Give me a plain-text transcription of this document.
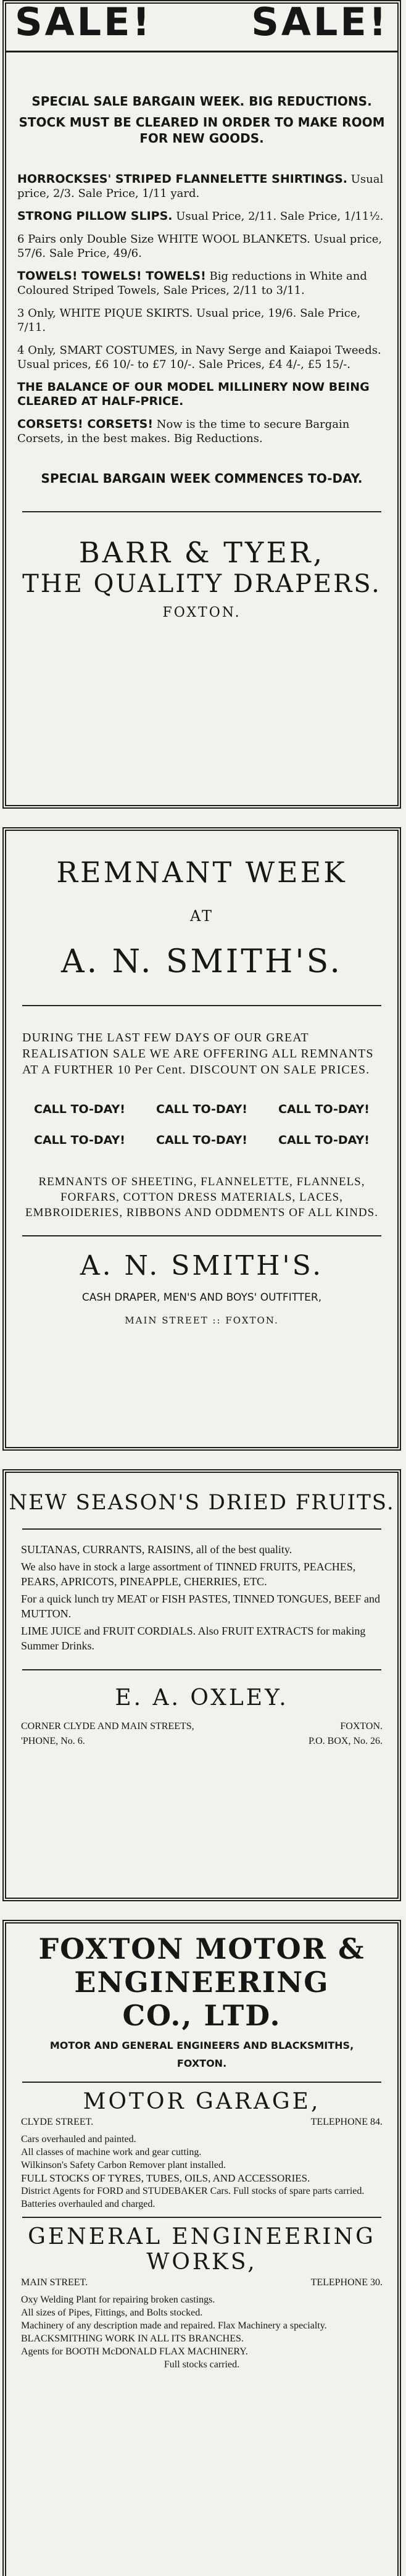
SALE!	SALE!

SPECIAL SALE BARGAIN WEEK. BIG REDUCTIONS.

STOCK MUST BE CLEARED IN ORDER TO MAKE ROOM FOR NEW GOODS.

HORROCKSES' STRIPED FLANNELETTE SHIRTINGS. Usual price, 2/3. Sale Price, 1/11 yard.
STRONG PILLOW SLIPS. Usual Price, 2/11. Sale Price, 1/11½.
6 Pairs only Double Size WHITE WOOL BLANKETS. Usual price, 57/6. Sale Price, 49/6.
TOWELS! TOWELS! TOWELS! Big reductions in White and Coloured Striped Towels, Sale Prices, 2/11 to 3/11.
3 Only, WHITE PIQUE SKIRTS. Usual price, 19/6. Sale Price, 7/11.
4 Only, SMART COSTUMES, in Navy Serge and Kaiapoi Tweeds. Usual prices, £6 10/- to £7 10/-. Sale Prices, £4 4/-, £5 15/-.
THE BALANCE OF OUR MODEL MILLINERY NOW BEING CLEARED AT HALF-PRICE.
CORSETS! CORSETS! Now is the time to secure Bargain Corsets, in the best makes. Big Reductions.

SPECIAL BARGAIN WEEK COMMENCES TO-DAY.

BARR & TYER,

THE QUALITY DRAPERS.

FOXTON.

REMNANT WEEK

AT

A. N. SMITH'S.

DURING THE LAST FEW DAYS OF OUR GREAT REALISATION SALE WE ARE OFFERING ALL REMNANTS AT A FURTHER 10 Per Cent. DISCOUNT ON SALE PRICES.

CALL TO-DAY!	CALL TO-DAY!	CALL TO-DAY!
CALL TO-DAY!	CALL TO-DAY!	CALL TO-DAY!

REMNANTS OF SHEETING, FLANNELETTE, FLANNELS, FORFARS, COTTON DRESS MATERIALS, LACES, EMBROIDERIES, RIBBONS AND ODDMENTS OF ALL KINDS.

A. N. SMITH'S.

CASH DRAPER, MEN'S AND BOYS' OUTFITTER,

MAIN STREET :: FOXTON.

NEW SEASON'S DRIED FRUITS.

SULTANAS, CURRANTS, RAISINS, all of the best quality.

We also have in stock a large assortment of TINNED FRUITS, PEACHES, PEARS, APRICOTS, PINEAPPLE, CHERRIES, ETC.

For a quick lunch try MEAT or FISH PASTES, TINNED TONGUES, BEEF and MUTTON.

LIME JUICE and FRUIT CORDIALS. Also FRUIT EXTRACTS for making Summer Drinks.

E. A. OXLEY.

CORNER CLYDE AND MAIN STREETS,	FOXTON.
'PHONE, No. 6.	P.O. BOX, No. 26.

FOXTON MOTOR &

ENGINEERING

CO., LTD.

MOTOR AND GENERAL ENGINEERS AND BLACKSMITHS,

FOXTON.

MOTOR GARAGE,

CLYDE STREET.	TELEPHONE 84.

Cars overhauled and painted.

All classes of machine work and gear cutting.

Wilkinson's Safety Carbon Remover plant installed.

FULL STOCKS OF TYRES, TUBES, OILS, AND ACCESSORIES.

District Agents for FORD and STUDEBAKER Cars. Full stocks of spare parts carried.

Batteries overhauled and charged.

GENERAL ENGINEERING

WORKS,

MAIN STREET.	TELEPHONE 30.

Oxy Welding Plant for repairing broken castings.

All sizes of Pipes, Fittings, and Bolts stocked.

Machinery of any description made and repaired. Flax Machinery a specialty.

BLACKSMITHING WORK IN ALL ITS BRANCHES.

Agents for BOOTH McDONALD FLAX MACHINERY.

Full stocks carried.
